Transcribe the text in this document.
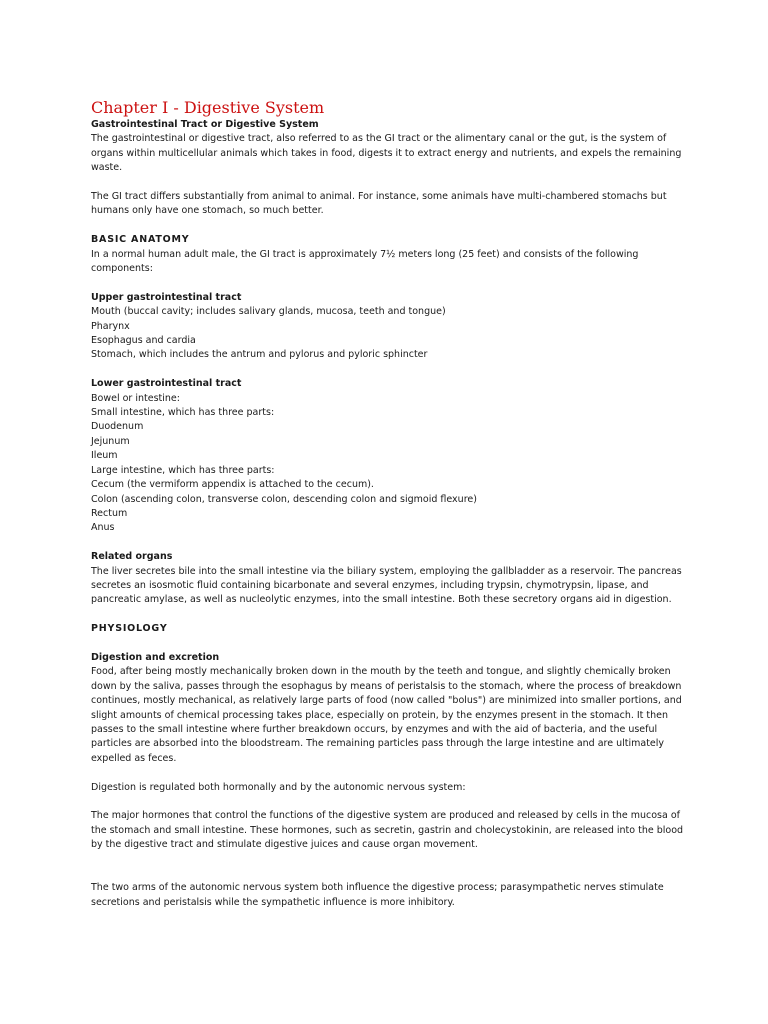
Chapter I - Digestive System

Gastrointestinal Tract or Digestive System

The gastrointestinal or digestive tract, also referred to as the GI tract or the alimentary canal or the gut, is the system of organs within multicellular animals which takes in food, digests it to extract energy and nutrients, and expels the remaining waste.

The GI tract differs substantially from animal to animal. For instance, some animals have multi-chambered stomachs but humans only have one stomach, so much better.

BASIC ANATOMY

In a normal human adult male, the GI tract is approximately 7½ meters long (25 feet) and consists of the following components:

Upper gastrointestinal tract

Mouth (buccal cavity; includes salivary glands, mucosa, teeth and tongue)
Pharynx
Esophagus and cardia
Stomach, which includes the antrum and pylorus and pyloric sphincter

Lower gastrointestinal tract

Bowel or intestine:
Small intestine, which has three parts:
Duodenum
Jejunum
Ileum
Large intestine, which has three parts:
Cecum (the vermiform appendix is attached to the cecum).
Colon (ascending colon, transverse colon, descending colon and sigmoid flexure)
Rectum
Anus

Related organs

The liver secretes bile into the small intestine via the biliary system, employing the gallbladder as a reservoir. The pancreas secretes an isosmotic fluid containing bicarbonate and several enzymes, including trypsin, chymotrypsin, lipase, and pancreatic amylase, as well as nucleolytic enzymes, into the small intestine. Both these secretory organs aid in digestion.

PHYSIOLOGY

Digestion and excretion

Food, after being mostly mechanically broken down in the mouth by the teeth and tongue, and slightly chemically broken down by the saliva, passes through the esophagus by means of peristalsis to the stomach, where the process of breakdown continues, mostly mechanical, as relatively large parts of food (now called "bolus") are minimized into smaller portions, and slight amounts of chemical processing takes place, especially on protein, by the enzymes present in the stomach. It then passes to the small intestine where further breakdown occurs, by enzymes and with the aid of bacteria, and the useful particles are absorbed into the bloodstream. The remaining particles pass through the large intestine and are ultimately expelled as feces.

Digestion is regulated both hormonally and by the autonomic nervous system:

The major hormones that control the functions of the digestive system are produced and released by cells in the mucosa of the stomach and small intestine. These hormones, such as secretin, gastrin and cholecystokinin, are released into the blood by the digestive tract and stimulate digestive juices and cause organ movement.

The two arms of the autonomic nervous system both influence the digestive process; parasympathetic nerves stimulate secretions and peristalsis while the sympathetic influence is more inhibitory.
